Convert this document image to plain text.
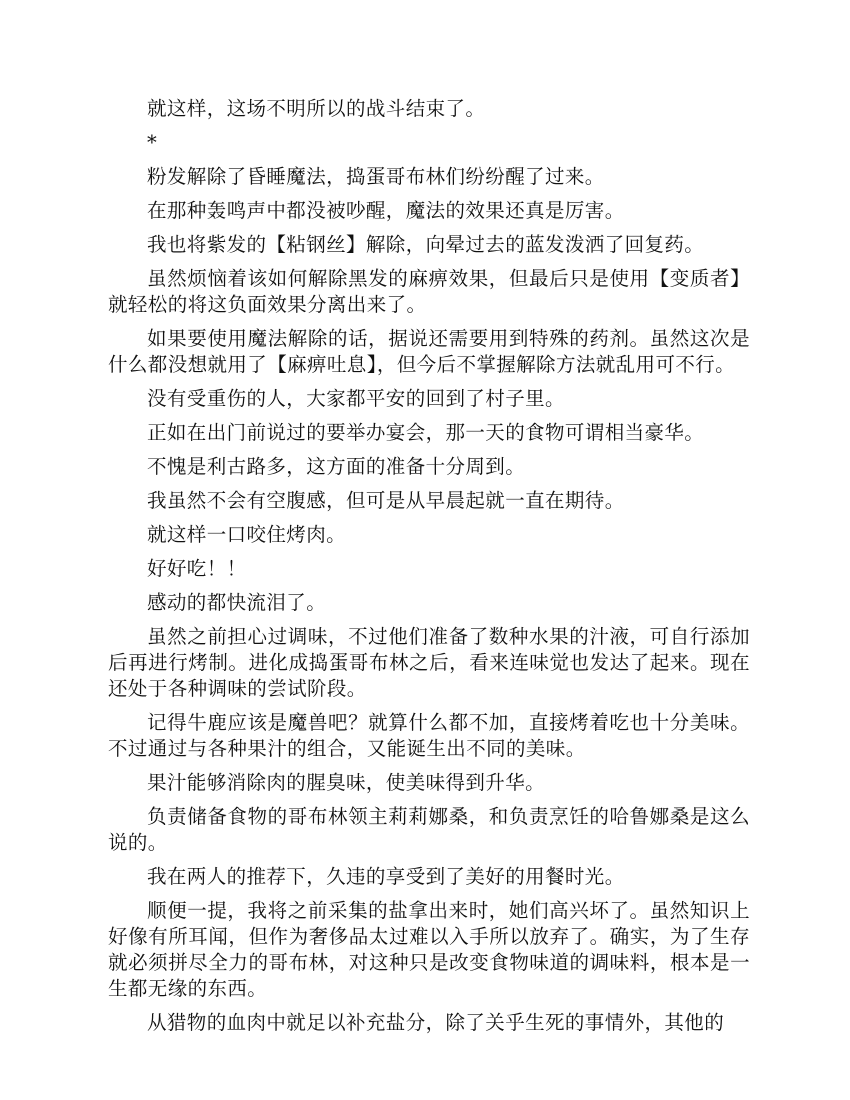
就这样，这场不明所以的战斗结束了。

*

粉发解除了昏睡魔法，捣蛋哥布林们纷纷醒了过来。

在那种轰鸣声中都没被吵醒，魔法的效果还真是厉害。

我也将紫发的【粘钢丝】解除，向晕过去的蓝发泼洒了回复药。

虽然烦恼着该如何解除黑发的麻痹效果，但最后只是使用【变质者】就轻松的将这负面效果分离出来了。

如果要使用魔法解除的话，据说还需要用到特殊的药剂。虽然这次是什么都没想就用了【麻痹吐息】，但今后不掌握解除方法就乱用可不行。

没有受重伤的人，大家都平安的回到了村子里。

正如在出门前说过的要举办宴会，那一天的食物可谓相当豪华。

不愧是利古路多，这方面的准备十分周到。

我虽然不会有空腹感，但可是从早晨起就一直在期待。

就这样一口咬住烤肉。

好好吃！！

感动的都快流泪了。

虽然之前担心过调味，不过他们准备了数种水果的汁液，可自行添加后再进行烤制。进化成捣蛋哥布林之后，看来连味觉也发达了起来。现在还处于各种调味的尝试阶段。

记得牛鹿应该是魔兽吧？就算什么都不加，直接烤着吃也十分美味。不过通过与各种果汁的组合，又能诞生出不同的美味。

果汁能够消除肉的腥臭味，使美味得到升华。

负责储备食物的哥布林领主莉莉娜桑，和负责烹饪的哈鲁娜桑是这么说的。

我在两人的推荐下，久违的享受到了美好的用餐时光。

顺便一提，我将之前采集的盐拿出来时，她们高兴坏了。虽然知识上好像有所耳闻，但作为奢侈品太过难以入手所以放弃了。确实，为了生存就必须拼尽全力的哥布林，对这种只是改变食物味道的调味料，根本是一生都无缘的东西。

从猎物的血肉中就足以补充盐分，除了关乎生死的事情外，其他的
